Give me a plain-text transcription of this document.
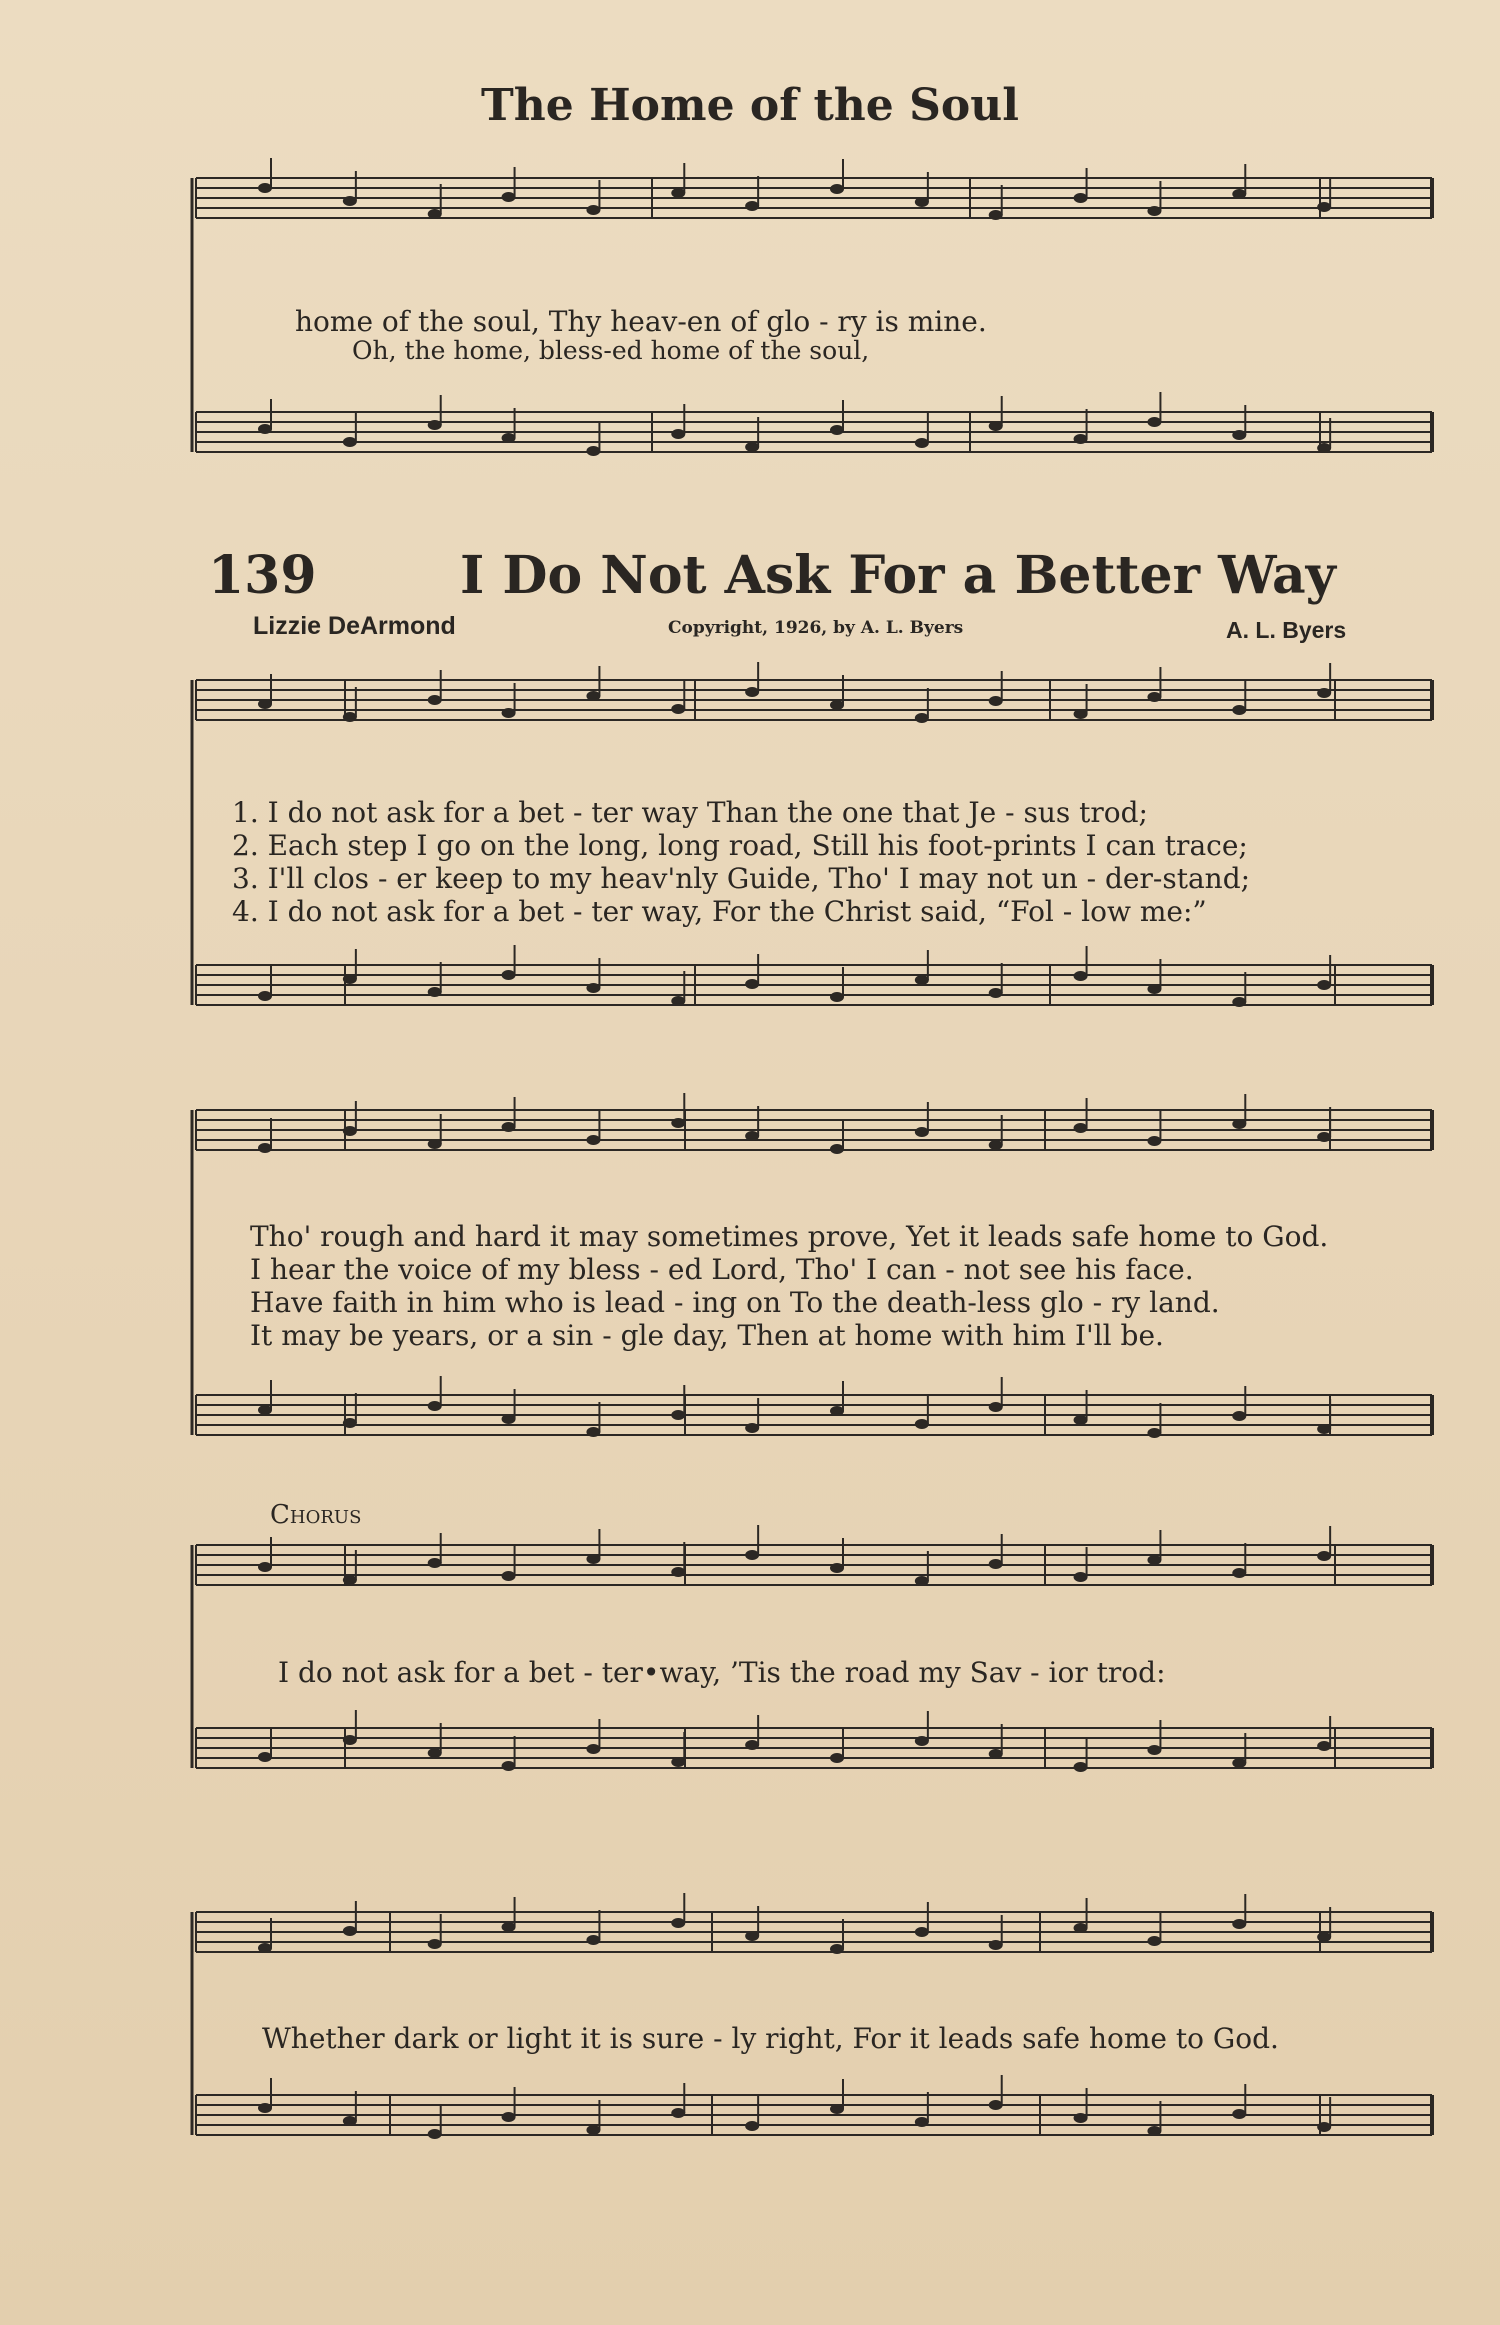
The Home of the Soul
home of the soul, Thy heav-en of glo - ry is mine.
Oh, the home, bless-ed home of the soul,
139	I Do Not Ask For a Better Way
Lizzie DeArmond	Copyright, 1926, by A. L. Byers	A. L. Byers
1. I do not ask for a bet - ter way Than the one that Je - sus trod;
2. Each step I go on the long, long road, Still his foot-prints I can trace;
3. I'll clos - er keep to my heav'nly Guide, Tho' I may not un - der-stand;
4. I do not ask for a bet - ter way, For the Christ said, “Fol - low me:”
Tho' rough and hard it may sometimes prove, Yet it leads safe home to God.
I hear the voice of my bless - ed Lord, Tho' I can - not see his face.
Have faith in him who is lead - ing on To the death-less glo - ry land.
It may be years, or a sin - gle day, Then at home with him I'll be.
Chorus
I do not ask for a bet - ter•way, ’Tis the road my Sav - ior trod:
Whether dark or light it is sure - ly right, For it leads safe home to God.
